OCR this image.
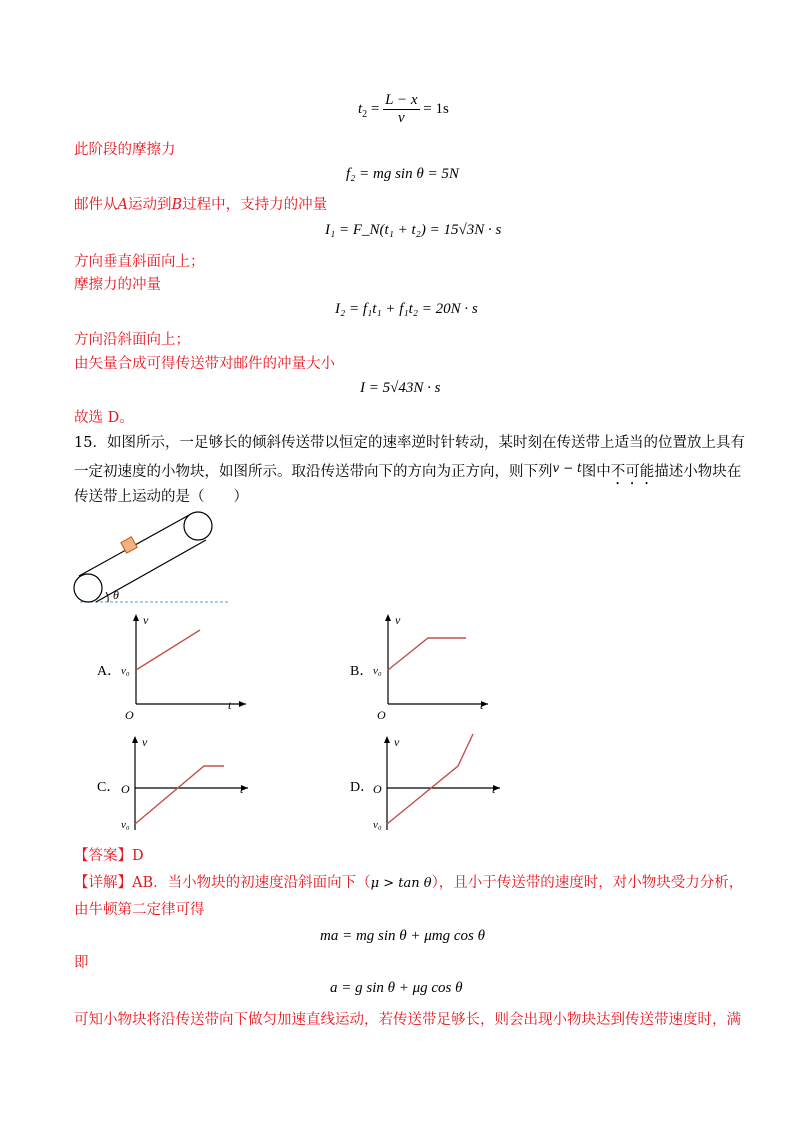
$t_2 = \frac{L - x}{v} = 1s$
此阶段的摩擦力
f₂ = mg sin θ = 5N
邮件从A运动到B过程中，支持力的冲量
I₁ = F_N(t₁ + t₂) = 15√3N · s
方向垂直斜面向上；
摩擦力的冲量
I₂ = f₁t₁ + f₁t₂ = 20N · s
方向沿斜面向上；
由矢量合成可得传送带对邮件的冲量大小
I = 5√43N · s
故选 D。
15．如图所示，一足够长的倾斜传送带以恒定的速率逆时针转动，某时刻在传送带上适当的位置放上具有
一定初速度的小物块，如图所示。取沿传送带向下的方向为正方向，则下列$^{v - t}$图中不可能描述小物块在
传送带上运动的是（　　）
θ
A．
v
t
O
v₀	B．
v
t
O
v₀
C．
v
t
O
v₀
D．
v
t
O
v₀
【答案】D
【详解】AB．当小物块的初速度沿斜面向下（μ > tan θ），且小于传送带的速度时，对小物块受力分析，
由牛顿第二定律可得
ma = mg sin θ + μmg cos θ
即
a = g sin θ + μg cos θ
可知小物块将沿传送带向下做匀加速直线运动，若传送带足够长，则会出现小物块达到传送带速度时，满
